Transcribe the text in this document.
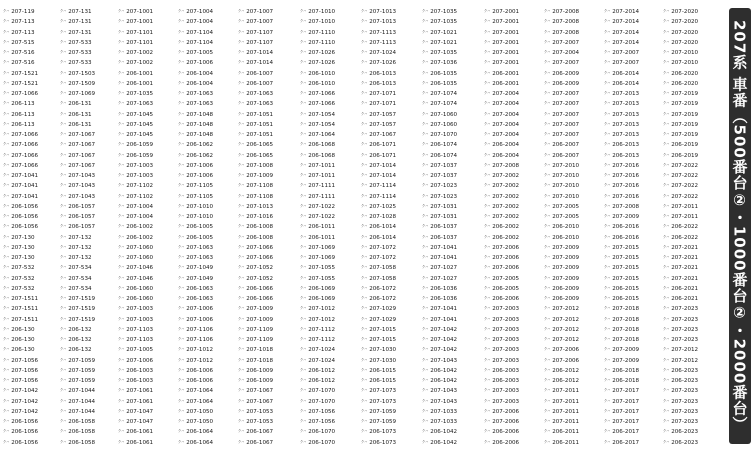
クハ 207-119	クハ 207-131	クハ 207-1001	クハ 207-1004	クハ 207-1007	クハ 207-1010	クハ 207-1013	クハ 207-1035	クハ 207-2001	クハ 207-2008	クハ 207-2014	クハ 207-2020
クハ 207-113	クハ 207-131	クハ 207-1001	クハ 207-1004	クハ 207-1007	クハ 207-1010	クハ 207-1013	クハ 207-1035	クハ 207-2001	クハ 207-2008	クハ 207-2014	クハ 207-2020
クハ 207-113	クハ 207-131	クハ 207-1101	クハ 207-1104	クハ 207-1107	クハ 207-1110	クハ 207-1113	クハ 207-1021	クハ 207-2001	クハ 207-2008	クハ 207-2014	クハ 207-2020
クハ 207-515	クハ 207-533	クハ 207-1101	クハ 207-1104	クハ 207-1107	クハ 207-1110	クハ 207-1113	クハ 207-1021	クハ 207-2001	クハ 207-2007	クハ 207-2014	クハ 207-2020
クハ 207-516	クハ 207-533	クハ 207-1002	クハ 207-1005	クハ 207-1014	クハ 207-1026	クハ 207-1024	クハ 207-1035	クハ 207-2001	クハ 207-2004	クハ 207-2007	クハ 207-2010
クハ 207-516	クハ 207-533	クハ 207-1002	クハ 207-1006	クハ 207-1014	クハ 207-1026	クハ 207-1026	クハ 207-1036	クハ 207-2001	クハ 207-2007	クハ 207-2007	クハ 207-2010
クハ 207-1521	クハ 207-1503	クハ 206-1001	クハ 206-1004	クハ 206-1007	クハ 206-1010	クハ 206-1013	クハ 206-1035	クハ 206-2001	クハ 206-2009	クハ 206-2014	クハ 206-2020
クハ 207-1521	クハ 207-1509	クハ 206-1001	クハ 206-1004	クハ 206-1007	クハ 206-1010	クハ 206-1013	クハ 206-1035	クハ 206-2001	クハ 206-2009	クハ 206-2014	クハ 206-2020
クハ 207-1066	クハ 207-1069	クハ 207-1035	クハ 207-1063	クハ 207-1063	クハ 207-1066	クハ 207-1071	クハ 207-1074	クハ 207-2004	クハ 207-2007	クハ 207-2013	クハ 207-2019
クハ 206-113	クハ 206-131	クハ 207-1063	クハ 207-1063	クハ 207-1063	クハ 207-1066	クハ 207-1071	クハ 207-1074	クハ 207-2004	クハ 207-2007	クハ 207-2013	クハ 207-2019
クハ 206-113	クハ 206-131	クハ 207-1045	クハ 207-1048	クハ 207-1051	クハ 207-1054	クハ 207-1057	クハ 207-1060	クハ 207-2004	クハ 207-2007	クハ 207-2013	クハ 207-2019
クハ 206-113	クハ 206-131	クハ 207-1045	クハ 207-1048	クハ 207-1051	クハ 207-1054	クハ 207-1057	クハ 207-1060	クハ 207-2004	クハ 207-2007	クハ 207-2013	クハ 207-2019
クハ 207-1066	クハ 207-1067	クハ 207-1045	クハ 207-1048	クハ 207-1051	クハ 207-1064	クハ 207-1067	クハ 207-1070	クハ 207-2004	クハ 207-2007	クハ 207-2013	クハ 207-2019
クハ 207-1066	クハ 207-1067	クハ 206-1059	クハ 206-1062	クハ 206-1065	クハ 206-1068	クハ 206-1071	クハ 206-1074	クハ 206-2004	クハ 206-2007	クハ 206-2013	クハ 206-2019
クハ 207-1066	クハ 207-1067	クハ 206-1059	クハ 206-1062	クハ 206-1065	クハ 206-1068	クハ 206-1071	クハ 206-1074	クハ 206-2004	クハ 206-2007	クハ 206-2013	クハ 206-2019
クハ 207-1066	クハ 207-1067	クハ 207-1003	クハ 207-1006	クハ 207-1008	クハ 207-1011	クハ 207-1014	クハ 207-1037	クハ 207-2008	クハ 207-2010	クハ 207-2016	クハ 207-2022
クハ 207-1041	クハ 207-1043	クハ 207-1003	クハ 207-1006	クハ 207-1009	クハ 207-1011	クハ 207-1014	クハ 207-1037	クハ 207-2002	クハ 207-2010	クハ 207-2016	クハ 207-2022
クハ 207-1041	クハ 207-1043	クハ 207-1102	クハ 207-1105	クハ 207-1108	クハ 207-1111	クハ 207-1114	クハ 207-1023	クハ 207-2002	クハ 207-2010	クハ 207-2016	クハ 207-2022
クハ 207-1041	クハ 207-1043	クハ 207-1102	クハ 207-1105	クハ 207-1108	クハ 207-1111	クハ 207-1114	クハ 207-1023	クハ 207-2002	クハ 207-2010	クハ 207-2016	クハ 207-2022
クハ 206-1056	クハ 206-1057	クハ 207-1004	クハ 207-1010	クハ 207-1013	クハ 207-1022	クハ 207-1025	クハ 207-1031	クハ 207-2002	クハ 207-2005	クハ 207-2008	クハ 207-2011
クハ 206-1056	クハ 206-1057	クハ 207-1004	クハ 207-1010	クハ 207-1016	クハ 207-1022	クハ 207-1028	クハ 207-1031	クハ 207-2002	クハ 207-2005	クハ 207-2009	クハ 207-2011
クハ 206-1056	クハ 206-1057	クハ 206-1002	クハ 206-1005	クハ 206-1008	クハ 206-1011	クハ 206-1014	クハ 206-1037	クハ 206-2002	クハ 206-2010	クハ 206-2016	クハ 206-2022
クハ 207-130	クハ 207-132	クハ 206-1002	クハ 206-1005	クハ 206-1008	クハ 206-1011	クハ 206-1014	クハ 206-1037	クハ 206-2002	クハ 206-2010	クハ 206-2016	クハ 206-2022
クハ 207-130	クハ 207-132	クハ 207-1060	クハ 207-1063	クハ 207-1066	クハ 207-1069	クハ 207-1072	クハ 207-1041	クハ 207-2006	クハ 207-2009	クハ 207-2015	クハ 207-2021
クハ 207-130	クハ 207-132	クハ 207-1060	クハ 207-1063	クハ 207-1066	クハ 207-1069	クハ 207-1072	クハ 207-1041	クハ 207-2006	クハ 207-2009	クハ 207-2015	クハ 207-2021
クハ 207-532	クハ 207-534	クハ 207-1046	クハ 207-1049	クハ 207-1052	クハ 207-1055	クハ 207-1058	クハ 207-1027	クハ 207-2006	クハ 207-2009	クハ 207-2015	クハ 207-2021
クハ 207-532	クハ 207-534	クハ 207-1046	クハ 207-1049	クハ 207-1052	クハ 207-1055	クハ 207-1058	クハ 207-1027	クハ 207-2005	クハ 207-2009	クハ 207-2015	クハ 207-2021
クハ 207-532	クハ 207-534	クハ 206-1060	クハ 206-1063	クハ 206-1066	クハ 206-1069	クハ 206-1072	クハ 206-1036	クハ 206-2005	クハ 206-2009	クハ 206-2015	クハ 206-2021
クハ 207-1511	クハ 207-1519	クハ 206-1060	クハ 206-1063	クハ 206-1066	クハ 206-1069	クハ 206-1072	クハ 206-1036	クハ 206-2006	クハ 206-2009	クハ 206-2015	クハ 206-2021
クハ 207-1511	クハ 207-1519	クハ 207-1003	クハ 207-1006	クハ 207-1009	クハ 207-1012	クハ 207-1029	クハ 207-1041	クハ 207-2003	クハ 207-2012	クハ 207-2018	クハ 207-2023
クハ 207-1511	クハ 207-1519	クハ 207-1003	クハ 207-1006	クハ 207-1009	クハ 207-1012	クハ 207-1029	クハ 207-1041	クハ 207-2003	クハ 207-2012	クハ 207-2018	クハ 207-2023
クハ 206-130	クハ 206-132	クハ 207-1103	クハ 207-1106	クハ 207-1109	クハ 207-1112	クハ 207-1015	クハ 207-1042	クハ 207-2003	クハ 207-2012	クハ 207-2018	クハ 207-2023
クハ 206-130	クハ 206-132	クハ 207-1103	クハ 207-1106	クハ 207-1109	クハ 207-1112	クハ 207-1015	クハ 207-1042	クハ 207-2003	クハ 207-2012	クハ 207-2018	クハ 207-2023
クハ 206-130	クハ 206-132	クハ 207-1005	クハ 207-1012	クハ 207-1018	クハ 207-1024	クハ 207-1030	クハ 207-1042	クハ 207-2003	クハ 207-2006	クハ 207-2009	クハ 207-2012
クハ 207-1056	クハ 207-1059	クハ 207-1006	クハ 207-1012	クハ 207-1018	クハ 207-1024	クハ 207-1030	クハ 207-1043	クハ 207-2003	クハ 207-2006	クハ 207-2009	クハ 207-2012
クハ 207-1056	クハ 207-1059	クハ 206-1003	クハ 206-1006	クハ 206-1009	クハ 206-1012	クハ 206-1015	クハ 206-1042	クハ 206-2003	クハ 206-2012	クハ 206-2018	クハ 206-2023
クハ 207-1056	クハ 207-1059	クハ 206-1003	クハ 206-1006	クハ 206-1009	クハ 206-1012	クハ 206-1015	クハ 206-1042	クハ 206-2003	クハ 206-2012	クハ 206-2018	クハ 206-2023
クハ 207-1042	クハ 207-1044	クハ 207-1061	クハ 207-1064	クハ 207-1067	クハ 207-1070	クハ 207-1073	クハ 207-1043	クハ 207-2003	クハ 207-2011	クハ 207-2017	クハ 207-2023
クハ 207-1042	クハ 207-1044	クハ 207-1061	クハ 207-1064	クハ 207-1067	クハ 207-1070	クハ 207-1073	クハ 207-1043	クハ 207-2003	クハ 207-2011	クハ 207-2017	クハ 207-2023
クハ 207-1042	クハ 207-1044	クハ 207-1047	クハ 207-1050	クハ 207-1053	クハ 207-1056	クハ 207-1059	クハ 207-1033	クハ 207-2006	クハ 207-2011	クハ 207-2017	クハ 207-2023
クハ 206-1056	クハ 206-1058	クハ 207-1047	クハ 207-1050	クハ 207-1053	クハ 207-1056	クハ 207-1059	クハ 207-1033	クハ 207-2006	クハ 207-2011	クハ 207-2017	クハ 207-2023
クハ 206-1056	クハ 206-1058	クハ 206-1061	クハ 206-1064	クハ 206-1067	クハ 206-1070	クハ 206-1073	クハ 206-1042	クハ 206-2006	クハ 206-2011	クハ 206-2017	クハ 206-2023
クハ 206-1056	クハ 206-1058	クハ 206-1061	クハ 206-1064	クハ 206-1067	クハ 206-1070	クハ 206-1073	クハ 206-1042	クハ 206-2006	クハ 206-2011	クハ 206-2017	クハ 206-2023
207系 車番（500番台②・1000番台②・2000番台）
